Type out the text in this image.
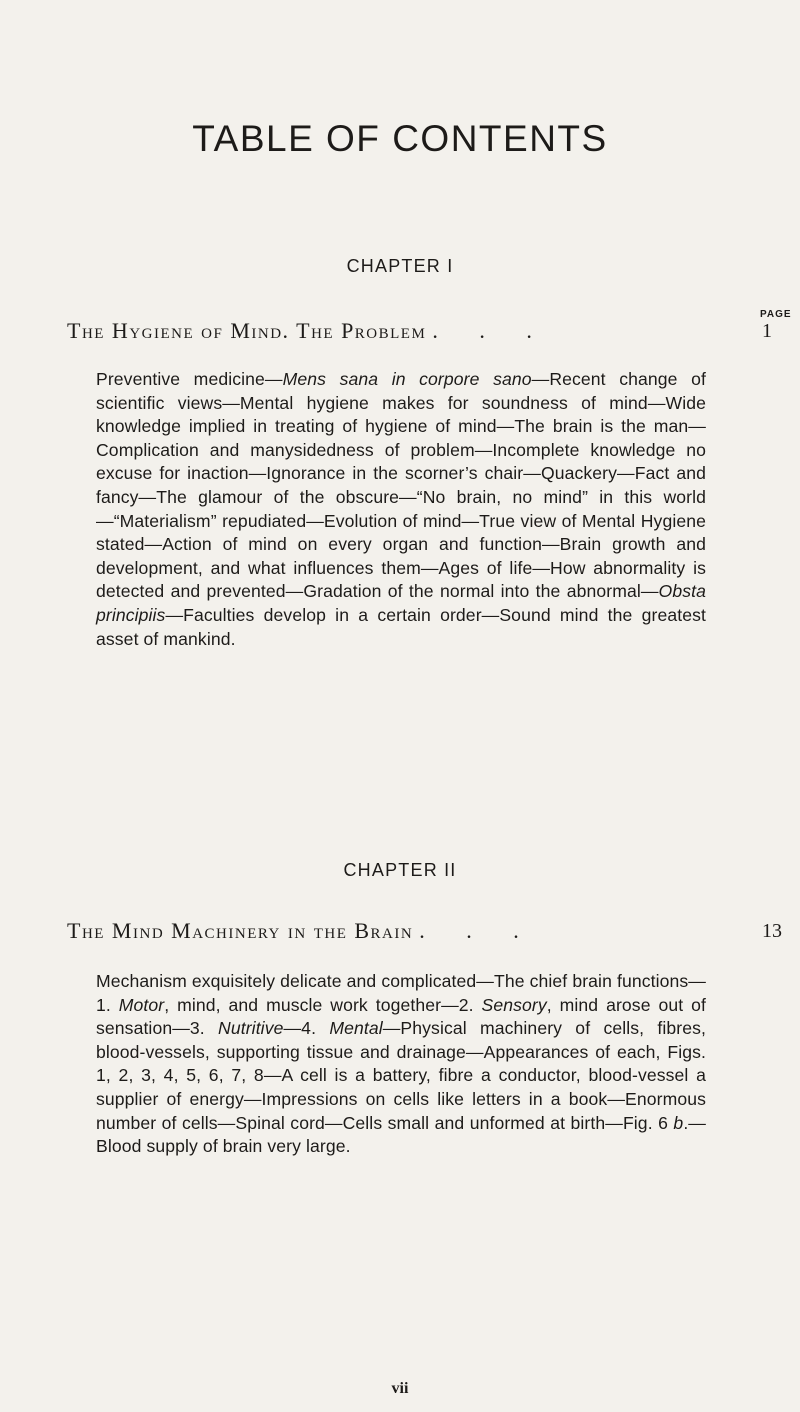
TABLE OF CONTENTS
CHAPTER I
PAGE
The Hygiene of Mind. The Problem . . .	1
Preventive medicine—Mens sana in corpore sano—Recent change of scientific views—Mental hygiene makes for soundness of mind—Wide knowledge implied in treating of hygiene of mind—The brain is the man—Complication and manysidedness of problem—Incomplete knowledge no excuse for inaction—Ignorance in the scorner’s chair—Quackery—Fact and fancy—The glamour of the obscure—“No brain, no mind” in this world—“Materialism” repudiated—Evolution of mind—True view of Mental Hygiene stated—Action of mind on every organ and function—Brain growth and development, and what influences them—Ages of life—How abnormality is detected and prevented—Gradation of the normal into the abnormal—Obsta principiis—Faculties develop in a certain order—Sound mind the greatest asset of mankind.
CHAPTER II
The Mind Machinery in the Brain . . .	13
Mechanism exquisitely delicate and complicated—The chief brain functions—1. Motor, mind, and muscle work together—2. Sensory, mind arose out of sensation—3. Nutritive—4. Mental—Physical machinery of cells, fibres, blood-vessels, supporting tissue and drainage—Appearances of each, Figs. 1, 2, 3, 4, 5, 6, 7, 8—A cell is a battery, fibre a conductor, blood-vessel a supplier of energy—Impressions on cells like letters in a book—Enormous number of cells—Spinal cord—Cells small and unformed at birth—Fig. 6 b.—Blood supply of brain very large.
vii
